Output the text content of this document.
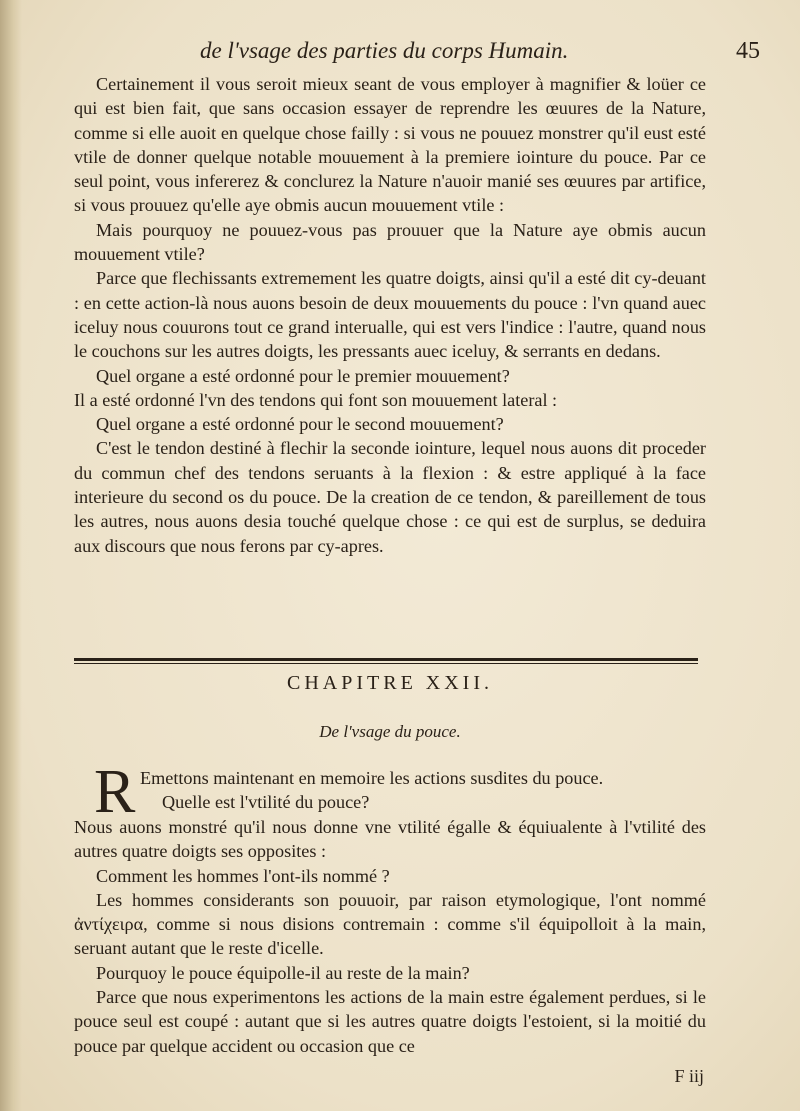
de l'vsage des parties du corps Humain.	45

Certainement il vous seroit mieux seant de vous employer à magnifier & loüer ce qui est bien fait, que sans occasion essayer de reprendre les œuures de la Nature, comme si elle auoit en quelque chose failly : si vous ne pouuez monstrer qu'il eust esté vtile de donner quelque notable mouuement à la premiere iointure du pouce. Par ce seul point, vous infererez & conclurez la Nature n'auoir manié ses œuures par artifice, si vous prouuez qu'elle aye obmis aucun mouuement vtile :

Mais pourquoy ne pouuez-vous pas prouuer que la Nature aye obmis aucun mouuement vtile?

Parce que flechissants extremement les quatre doigts, ainsi qu'il a esté dit cy-deuant : en cette action-là nous auons besoin de deux mouuements du pouce : l'vn quand auec iceluy nous couurons tout ce grand interualle, qui est vers l'indice : l'autre, quand nous le couchons sur les autres doigts, les pressants auec iceluy, & serrants en dedans.

Quel organe a esté ordonné pour le premier mouuement?

Il a esté ordonné l'vn des tendons qui font son mouuement lateral :

Quel organe a esté ordonné pour le second mouuement?

C'est le tendon destiné à flechir la seconde iointure, lequel nous auons dit proceder du commun chef des tendons seruants à la flexion : & estre appliqué à la face interieure du second os du pouce. De la creation de ce tendon, & pareillement de tous les autres, nous auons desia touché quelque chose : ce qui est de surplus, se deduira aux discours que nous ferons par cy-apres.

CHAPITRE XXII.
De l'vsage du pouce.
R Emettons maintenant en memoire les actions susdites du pouce.

Quelle est l'vtilité du pouce?

Nous auons monstré qu'il nous donne vne vtilité égalle & équiualente à l'vtilité des autres quatre doigts ses opposites :

Comment les hommes l'ont-ils nommé ?

Les hommes considerants son pouuoir, par raison etymologique, l'ont nommé ἀντίχειρα, comme si nous disions contremain : comme s'il équipolloit à la main, seruant autant que le reste d'icelle.

Pourquoy le pouce équipolle-il au reste de la main?

Parce que nous experimentons les actions de la main estre également perdues, si le pouce seul est coupé : autant que si les autres quatre doigts l'estoient, si la moitié du pouce par quelque accident ou occasion que ce

F iij
